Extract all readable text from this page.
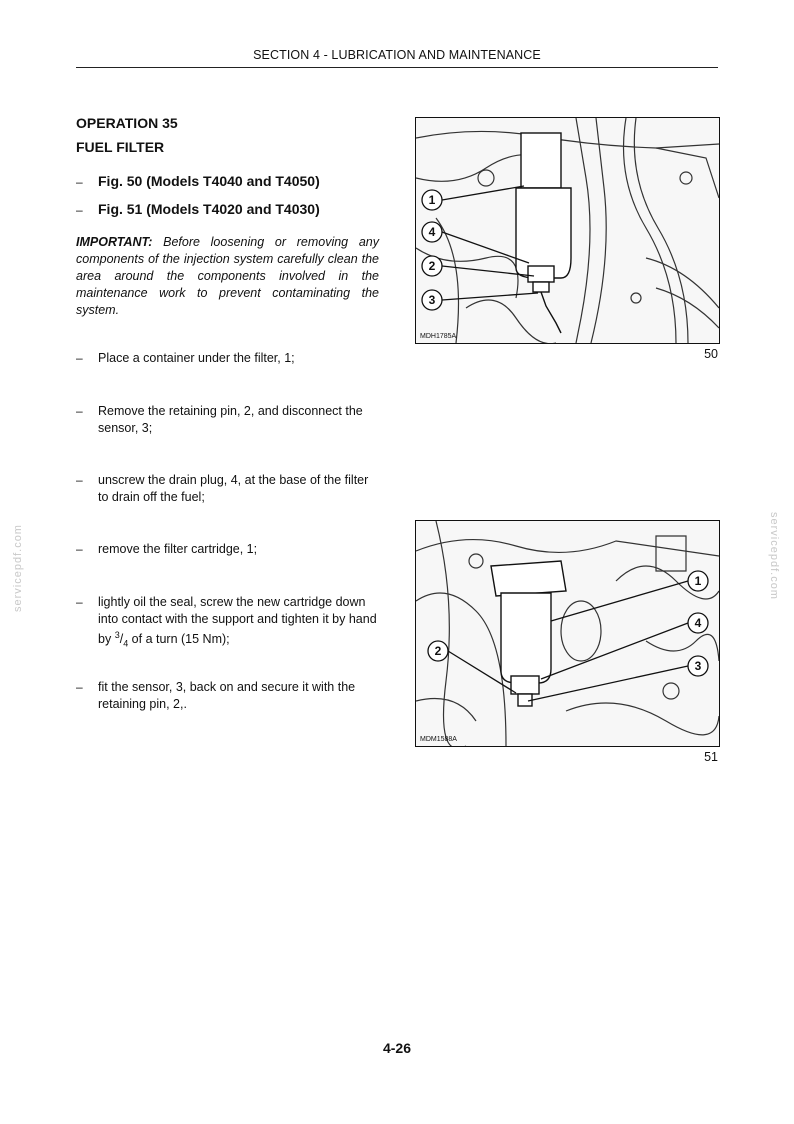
SECTION 4 - LUBRICATION AND MAINTENANCE
OPERATION 35
FUEL FILTER
–	Fig. 50 (Models T4040 and T4050)
–	Fig. 51 (Models T4020 and T4030)
IMPORTANT: Before loosening or removing any components of the injection system carefully clean the area around the components involved in the maintenance work to prevent contaminating the system.
–	Place a container under the filter, 1;
–	Remove the retaining pin, 2, and disconnect the sensor, 3;
–	unscrew the drain plug, 4, at the base of the filter to drain off the fuel;
–	remove the filter cartridge, 1;
–	lightly oil the seal, screw the new cartridge down into contact with the support and tighten it by hand by $^3/_4$ of a turn (15 Nm);
–	fit the sensor, 3, back on and secure it with the retaining pin, 2,.
1
4
2
3
MDH1785A
50
1
4
2
3
MDM1588A
51
servicepdf.com	servicepdf.com
4-26
